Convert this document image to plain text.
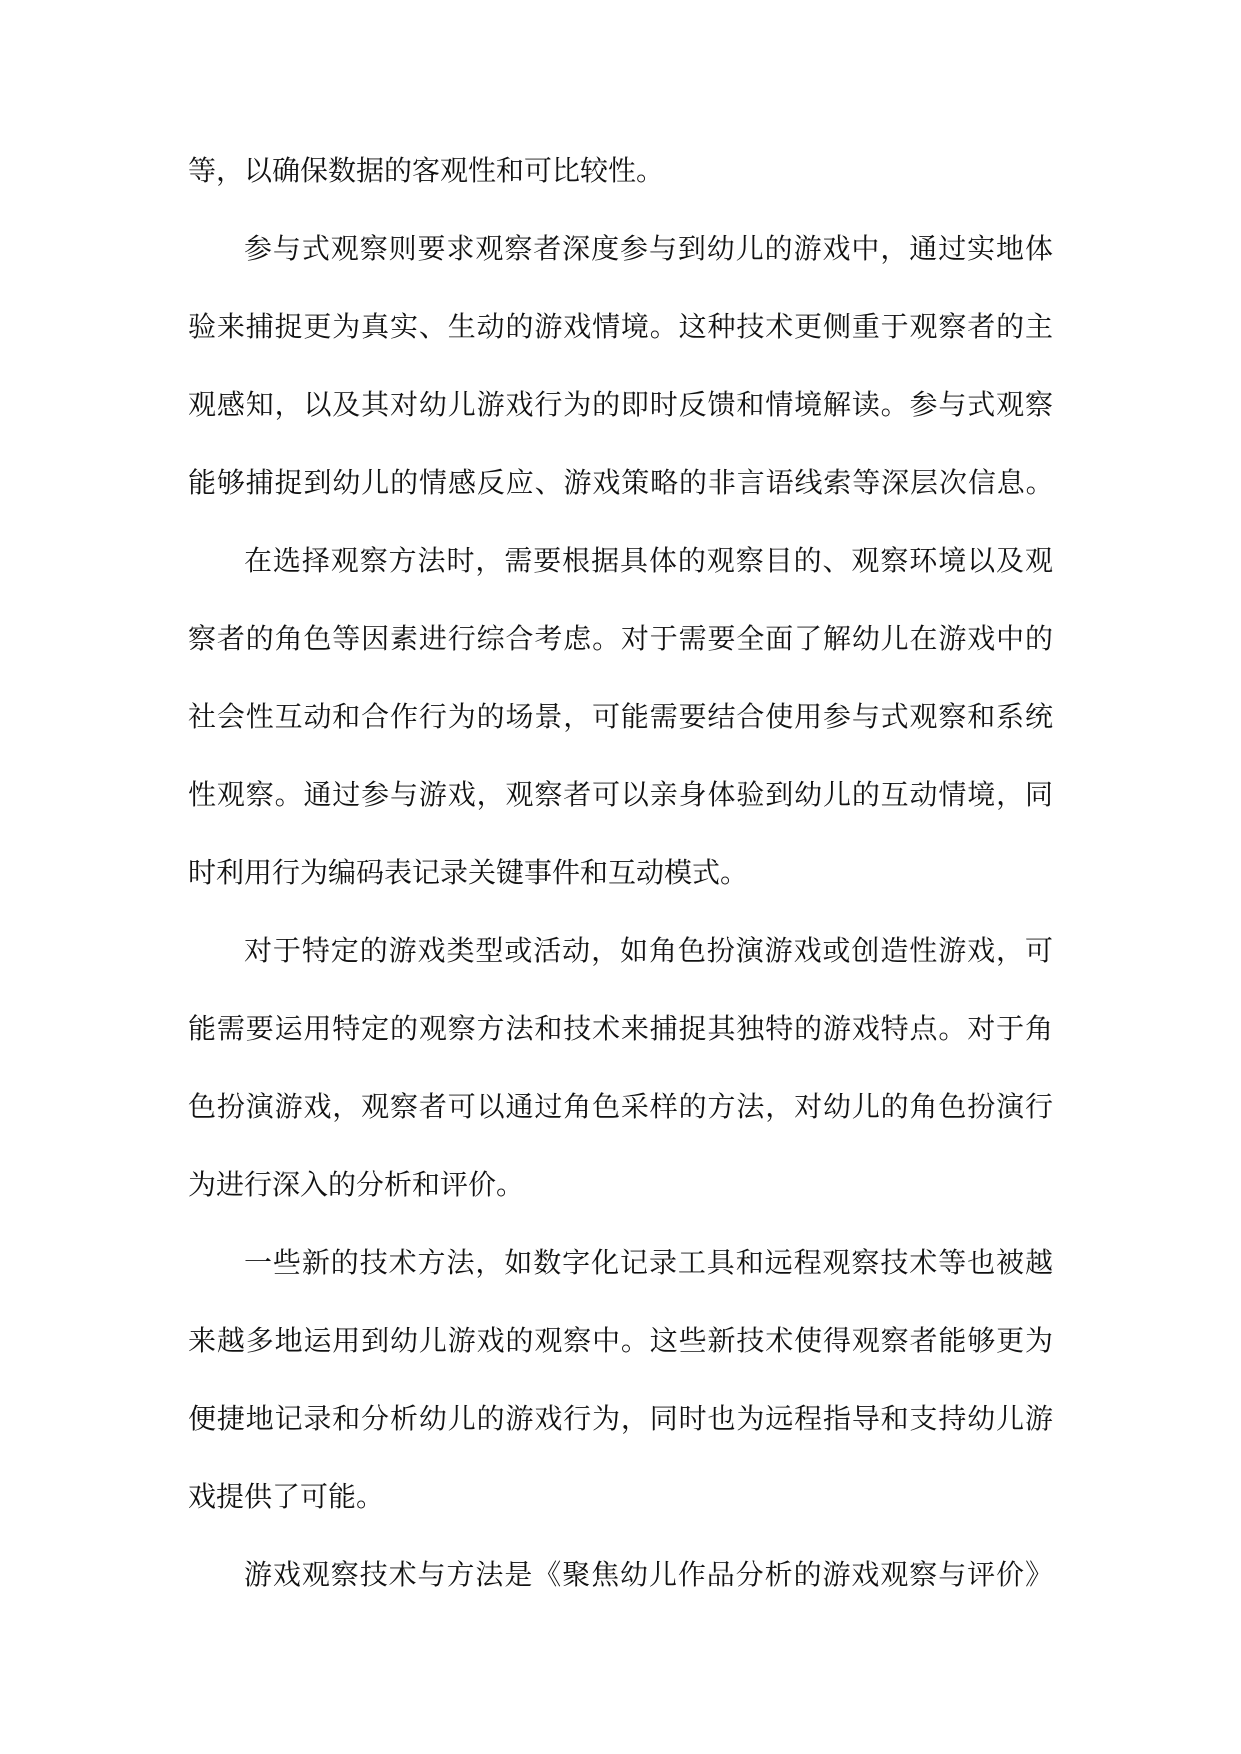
等，以确保数据的客观性和可比较性。
参与式观察则要求观察者深度参与到幼儿的游戏中，通过实地体
验来捕捉更为真实、生动的游戏情境。这种技术更侧重于观察者的主
观感知，以及其对幼儿游戏行为的即时反馈和情境解读。参与式观察
能够捕捉到幼儿的情感反应、游戏策略的非言语线索等深层次信息。
在选择观察方法时，需要根据具体的观察目的、观察环境以及观
察者的角色等因素进行综合考虑。对于需要全面了解幼儿在游戏中的
社会性互动和合作行为的场景，可能需要结合使用参与式观察和系统
性观察。通过参与游戏，观察者可以亲身体验到幼儿的互动情境，同
时利用行为编码表记录关键事件和互动模式。
对于特定的游戏类型或活动，如角色扮演游戏或创造性游戏，可
能需要运用特定的观察方法和技术来捕捉其独特的游戏特点。对于角
色扮演游戏，观察者可以通过角色采样的方法，对幼儿的角色扮演行
为进行深入的分析和评价。
一些新的技术方法，如数字化记录工具和远程观察技术等也被越
来越多地运用到幼儿游戏的观察中。这些新技术使得观察者能够更为
便捷地记录和分析幼儿的游戏行为，同时也为远程指导和支持幼儿游
戏提供了可能。
游戏观察技术与方法是《聚焦幼儿作品分析的游戏观察与评价》
